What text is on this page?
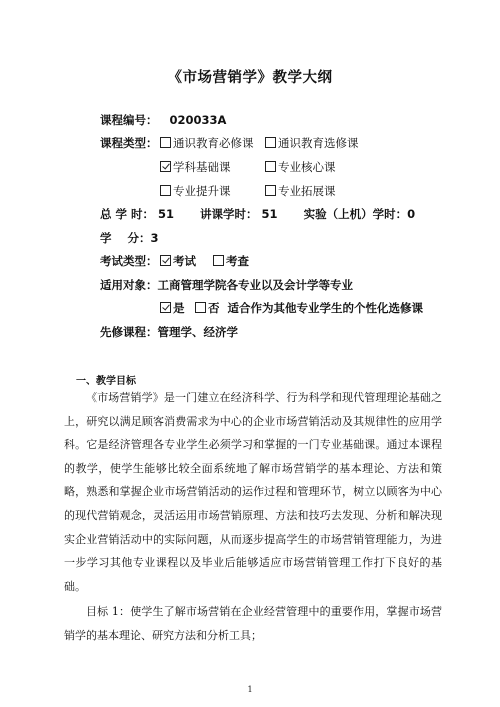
《市场营销学》教学大纲
课程编号： 020033A
课程类型：	通识教育必修课	通识教育选修课
学科基础课	专业核心课
专业提升课	专业拓展课
总 学 时： 51 讲课学时： 51 实验（上机）学时：0
学    分：3
考试类型：	考试	考查
适用对象：工商管理学院各专业以及会计学等专业
是	否 适合作为其他专业学生的个性化选修课
先修课程：管理学、经济学
一、教学目标
《市场营销学》是一门建立在经济科学、行为科学和现代管理理论基础之上，研究以满足顾客消费需求为中心的企业市场营销活动及其规律性的应用学科。它是经济管理各专业学生必须学习和掌握的一门专业基础课。通过本课程的教学，使学生能够比较全面系统地了解市场营销学的基本理论、方法和策略，熟悉和掌握企业市场营销活动的运作过程和管理环节，树立以顾客为中心的现代营销观念，灵活运用市场营销原理、方法和技巧去发现、分析和解决现实企业营销活动中的实际问题，从而逐步提高学生的市场营销管理能力，为进一步学习其他专业课程以及毕业后能够适应市场营销管理工作打下良好的基础。
目标 1：使学生了解市场营销在企业经营管理中的重要作用，掌握市场营销学的基本理论、研究方法和分析工具；
1
